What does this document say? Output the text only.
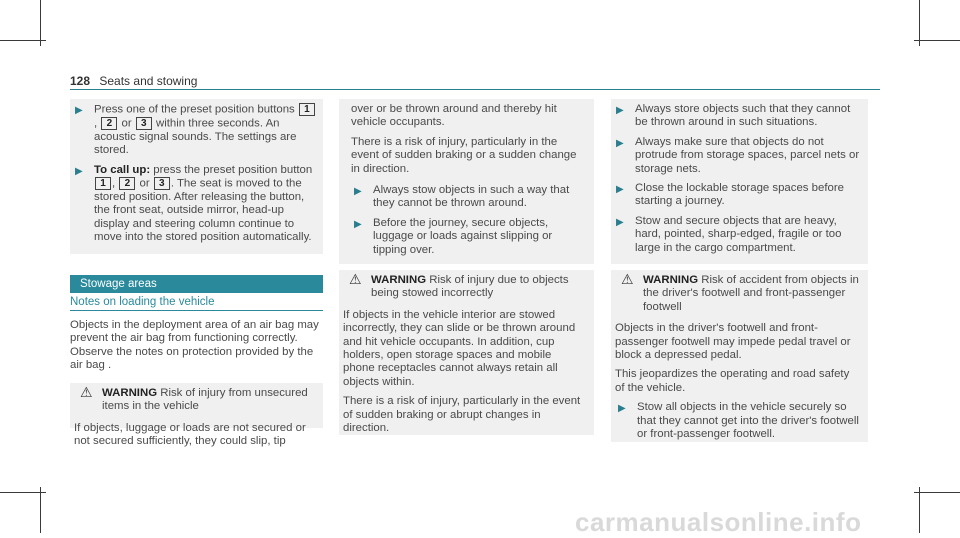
128 Seats and stowing
▶ Press one of the preset position buttons 1, 2 or 3 within three seconds. An acoustic signal sounds. The settings are stored.
▶ To call up: press the preset position button
1 , 2 or 3 . The seat is moved to the stored position. After releasing the button, the front seat, outside mirror, head-up display and steering column continue to move into the stored position automatically.
Stowage areas
Notes on loading the vehicle

Objects in the deployment area of an air bag may prevent the air bag from functioning correctly. Observe the notes on protection provided by the air bag .

⚠ WARNING Risk of injury from unsecured items in the vehicle

If objects, luggage or loads are not secured or not secured sufficiently, they could slip, tip

over or be thrown around and thereby hit vehicle occupants.

There is a risk of injury, particularly in the event of sudden braking or a sudden change in direction.

▶ Always stow objects in such a way that they cannot be thrown around.
▶ Before the journey, secure objects, luggage or loads against slipping or tipping over.
⚠ WARNING Risk of injury due to objects being stowed incorrectly

If objects in the vehicle interior are stowed incorrectly, they can slide or be thrown around and hit vehicle occupants. In addition, cup holders, open storage spaces and mobile phone receptacles cannot always retain all objects within.

There is a risk of injury, particularly in the event of sudden braking or abrupt changes in direction.

▶ Always store objects such that they cannot be thrown around in such situations.
▶ Always make sure that objects do not protrude from storage spaces, parcel nets or storage nets.
▶ Close the lockable storage spaces before starting a journey.
▶ Stow and secure objects that are heavy, hard, pointed, sharp-edged, fragile or too large in the cargo compartment.
⚠ WARNING Risk of accident from objects in the driver's footwell and front-passenger footwell

Objects in the driver's footwell and front-passenger footwell may impede pedal travel or block a depressed pedal.

This jeopardizes the operating and road safety of the vehicle.

▶ Stow all objects in the vehicle securely so that they cannot get into the driver's footwell or front-passenger footwell.
carmanualsonline.info
